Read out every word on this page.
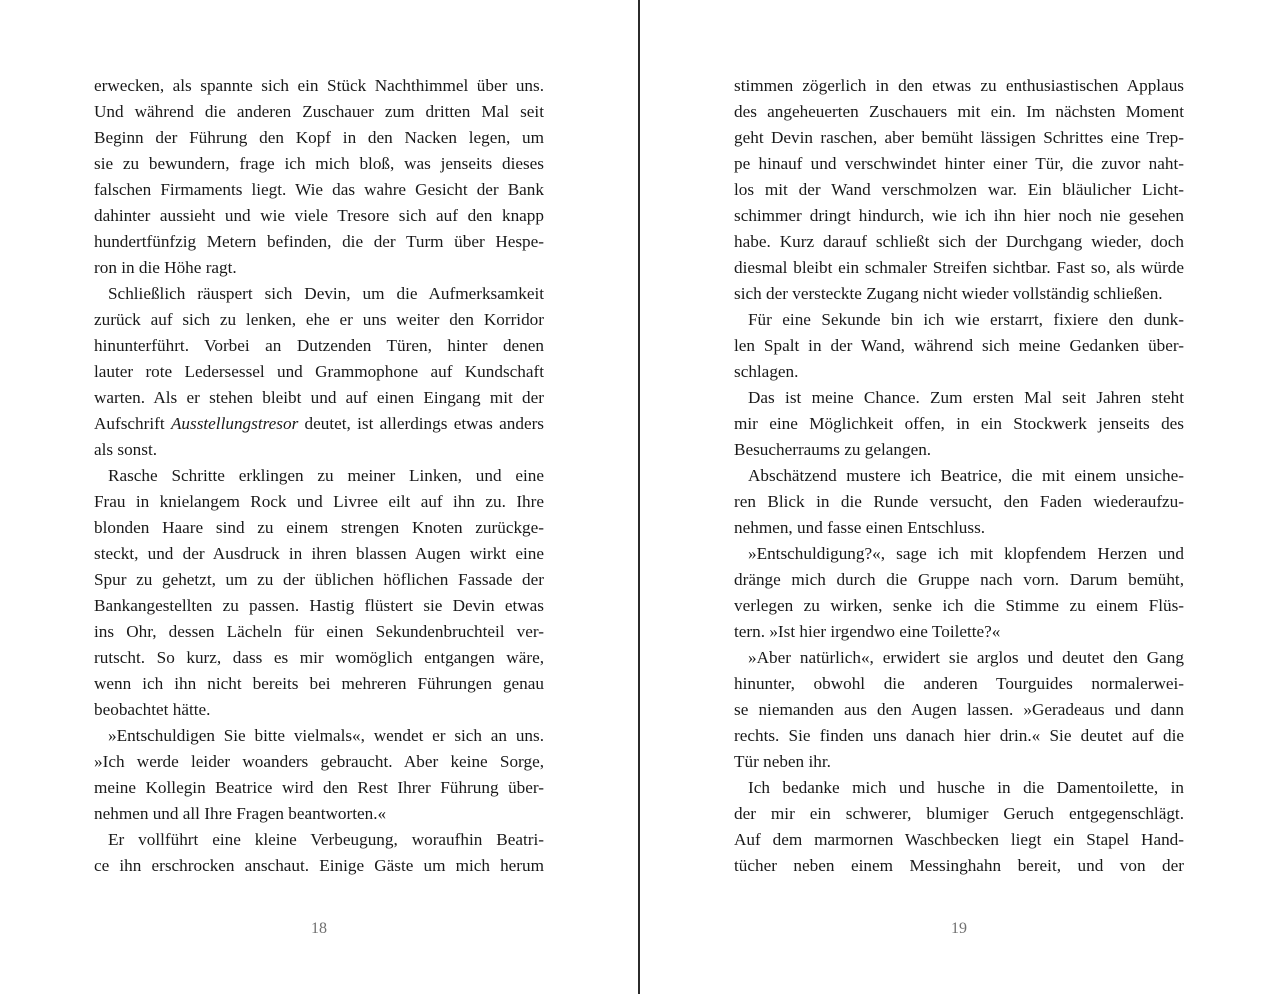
erwecken, als spannte sich ein Stück Nachthimmel über uns.
Und während die anderen Zuschauer zum dritten Mal seit
Beginn der Führung den Kopf in den Nacken legen, um
sie zu bewundern, frage ich mich bloß, was jenseits dieses
falschen Firmaments liegt. Wie das wahre Gesicht der Bank
dahinter aussieht und wie viele Tresore sich auf den knapp
hundertfünfzig Metern befinden, die der Turm über Hespe-
ron in die Höhe ragt.
Schließlich räuspert sich Devin, um die Aufmerksamkeit
zurück auf sich zu lenken, ehe er uns weiter den Korridor
hinunterführt. Vorbei an Dutzenden Türen, hinter denen
lauter rote Ledersessel und Grammophone auf Kundschaft
warten. Als er stehen bleibt und auf einen Eingang mit der
Aufschrift Ausstellungstresor deutet, ist allerdings etwas anders
als sonst.
Rasche Schritte erklingen zu meiner Linken, und eine
Frau in knielangem Rock und Livree eilt auf ihn zu. Ihre
blonden Haare sind zu einem strengen Knoten zurückge-
steckt, und der Ausdruck in ihren blassen Augen wirkt eine
Spur zu gehetzt, um zu der üblichen höflichen Fassade der
Bankangestellten zu passen. Hastig flüstert sie Devin etwas
ins Ohr, dessen Lächeln für einen Sekundenbruchteil ver-
rutscht. So kurz, dass es mir womöglich entgangen wäre,
wenn ich ihn nicht bereits bei mehreren Führungen genau
beobachtet hätte.
»Entschuldigen Sie bitte vielmals«, wendet er sich an uns.
»Ich werde leider woanders gebraucht. Aber keine Sorge,
meine Kollegin Beatrice wird den Rest Ihrer Führung über-
nehmen und all Ihre Fragen beantworten.«
Er vollführt eine kleine Verbeugung, woraufhin Beatri-
ce ihn erschrocken anschaut. Einige Gäste um mich herum
18
stimmen zögerlich in den etwas zu enthusiastischen Applaus
des angeheuerten Zuschauers mit ein. Im nächsten Moment
geht Devin raschen, aber bemüht lässigen Schrittes eine Trep-
pe hinauf und verschwindet hinter einer Tür, die zuvor naht-
los mit der Wand verschmolzen war. Ein bläulicher Licht-
schimmer dringt hindurch, wie ich ihn hier noch nie gesehen
habe. Kurz darauf schließt sich der Durchgang wieder, doch
diesmal bleibt ein schmaler Streifen sichtbar. Fast so, als würde
sich der versteckte Zugang nicht wieder vollständig schließen.
Für eine Sekunde bin ich wie erstarrt, fixiere den dunk-
len Spalt in der Wand, während sich meine Gedanken über-
schlagen.
Das ist meine Chance. Zum ersten Mal seit Jahren steht
mir eine Möglichkeit offen, in ein Stockwerk jenseits des
Besucherraums zu gelangen.
Abschätzend mustere ich Beatrice, die mit einem unsiche-
ren Blick in die Runde versucht, den Faden wiederaufzu-
nehmen, und fasse einen Entschluss.
»Entschuldigung?«, sage ich mit klopfendem Herzen und
dränge mich durch die Gruppe nach vorn. Darum bemüht,
verlegen zu wirken, senke ich die Stimme zu einem Flüs-
tern. »Ist hier irgendwo eine Toilette?«
»Aber natürlich«, erwidert sie arglos und deutet den Gang
hinunter, obwohl die anderen Tourguides normalerwei-
se niemanden aus den Augen lassen. »Geradeaus und dann
rechts. Sie finden uns danach hier drin.« Sie deutet auf die
Tür neben ihr.
Ich bedanke mich und husche in die Damentoilette, in
der mir ein schwerer, blumiger Geruch entgegenschlägt.
Auf dem marmornen Waschbecken liegt ein Stapel Hand-
tücher neben einem Messinghahn bereit, und von der
19
